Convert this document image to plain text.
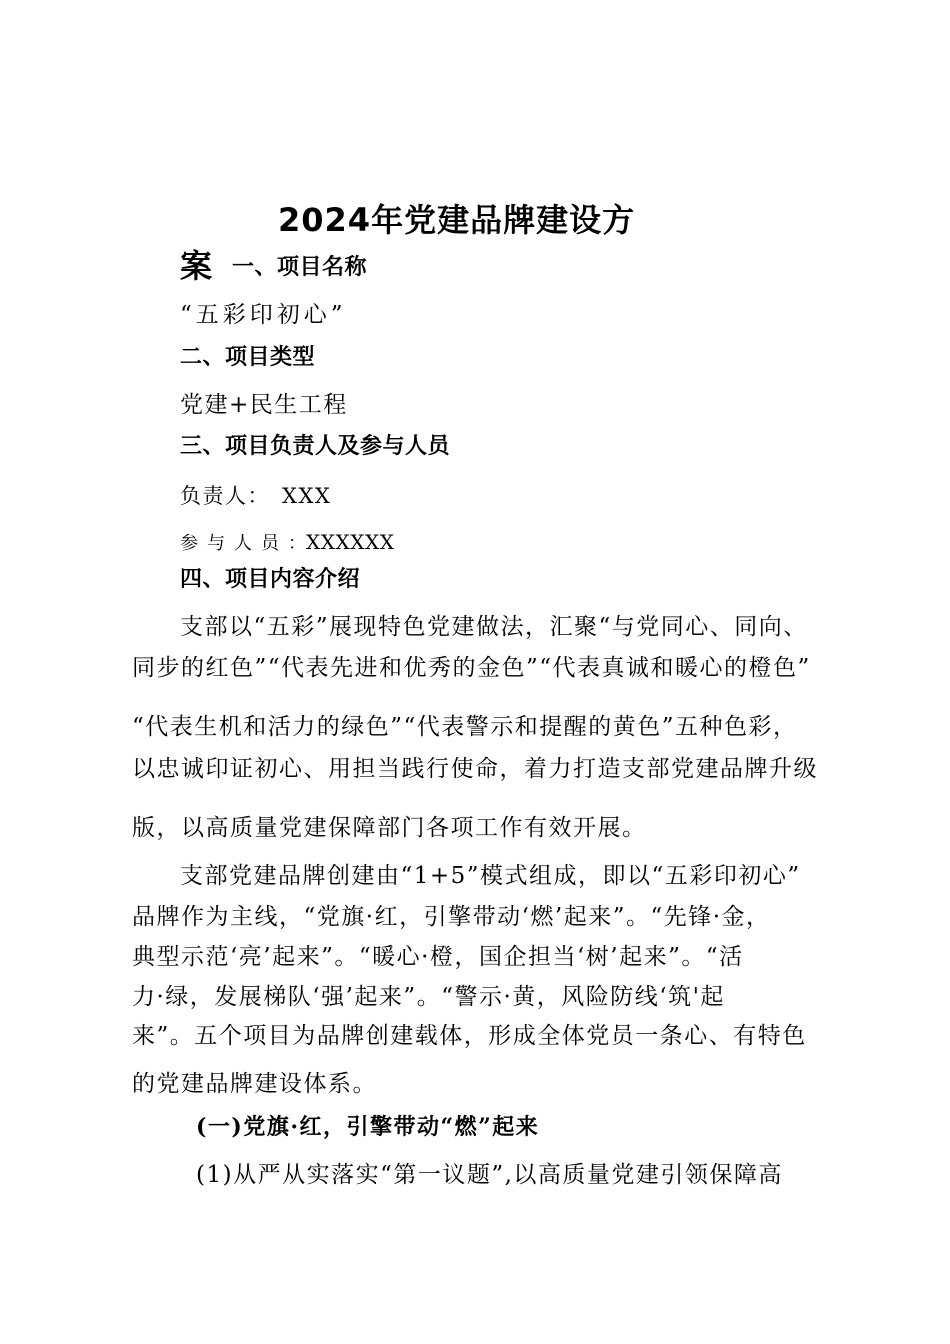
2024年党建品牌建设方
案 一、项目名称
“五彩印初心”
二、项目类型
党建+民生工程
三、项目负责人及参与人员
负责人：　XXX
参与人员：
XXXXXX
四、项目内容介绍
支部以“五彩”展现特色党建做法，汇聚“与党同心、同向、
同步的红色”“代表先进和优秀的金色”“代表真诚和暖心的橙色”
“代表生机和活力的绿色”“代表警示和提醒的黄色”五种色彩，
以忠诚印证初心、用担当践行使命，着力打造支部党建品牌升级
版，以高质量党建保障部门各项工作有效开展。
支部党建品牌创建由“1+5”模式组成，即以“五彩印初心”
品牌作为主线，“党旗·红，引擎带动‘燃’起来”。“先锋·金，
典型示范‘亮’起来”。“暖心·橙，国企担当‘树’起来”。“活
力·绿，发展梯队‘强’起来”。“警示·黄，风险防线‘筑'起
来”。五个项目为品牌创建载体，形成全体党员一条心、有特色
的党建品牌建设体系。
(一)党旗·红，引擎带动“燃”起来
(1)从严从实落实“第一议题”,以高质量党建引领保障高
